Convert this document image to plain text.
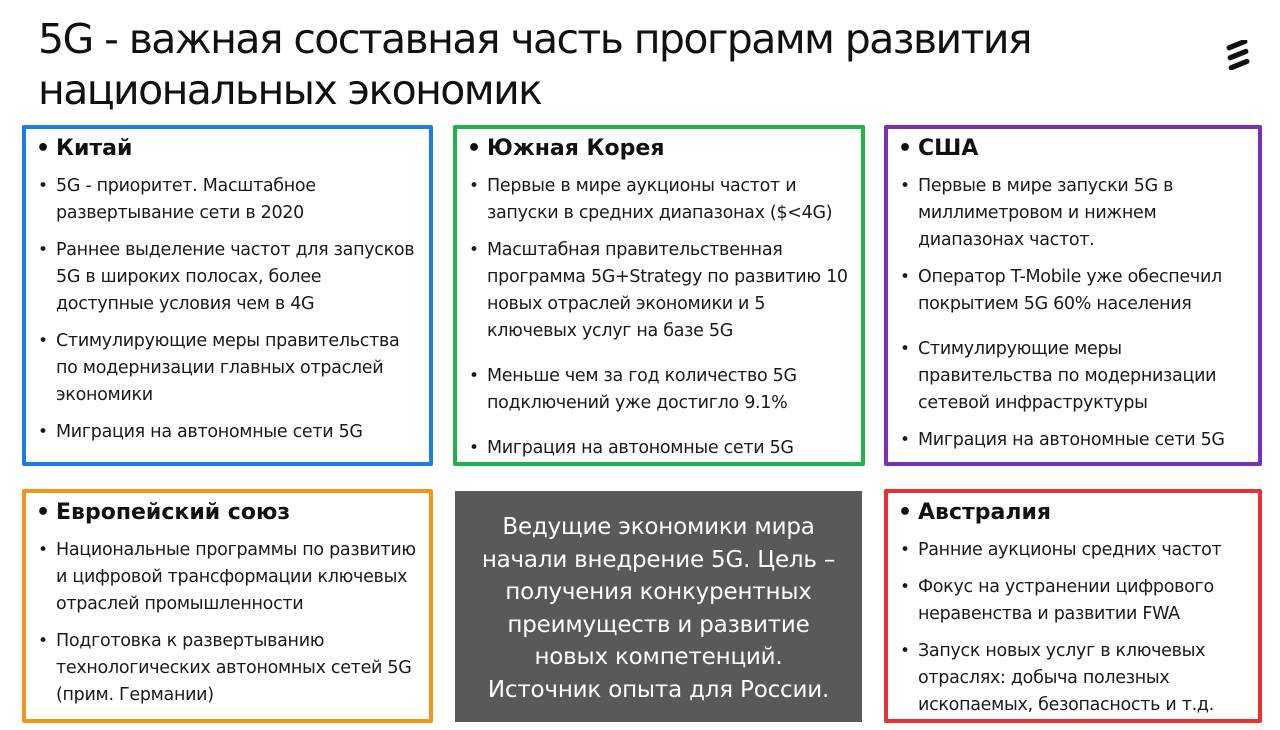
5G - важная составная часть программ развития национальных экономик
• Китай
• 5G - приоритет. Масштабное развертывание сети в 2020
• Раннее выделение частот для запусков 5G в широких полосах, более доступные условия чем в 4G
• Стимулирующие меры правительства по модернизации главных отраслей экономики
• Миграция на автономные сети 5G
• Южная Корея
• Первые в мире аукционы частот и запуски в средних диапазонах ($<4G)
• Масштабная правительственная программа 5G+Strategy по развитию 10 новых отраслей экономики и 5 ключевых услуг на базе 5G
• Меньше чем за год количество 5G подключений уже достигло 9.1%
• Миграция на автономные сети 5G
• США
• Первые в мире запуски 5G в миллиметровом и нижнем диапазонах частот.
• Оператор T-Mobile уже обеспечил покрытием 5G 60% населения
• Стимулирующие меры правительства по модернизации сетевой инфраструктуры
• Миграция на автономные сети 5G
• Европейский союз
• Национальные программы по развитию и цифровой трансформации ключевых отраслей промышленности
• Подготовка к развертыванию технологических автономных сетей 5G (прим. Германии)

Ведущие экономики мира начали внедрение 5G. Цель – получения конкурентных преимуществ и развитие новых компетенций.

Источник опыта для России.

• Австралия
• Ранние аукционы средних частот
• Фокус на устранении цифрового неравенства и развитии FWA
• Запуск новых услуг в ключевых отраслях: добыча полезных ископаемых, безопасность и т.д.
